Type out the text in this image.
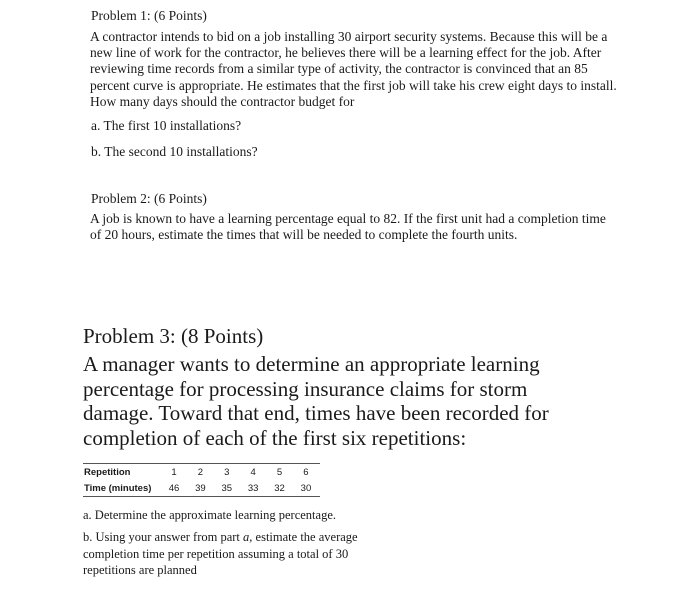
Problem 1: (6 Points)

A contractor intends to bid on a job installing 30 airport security systems. Because this will be a new line of work for the contractor, he believes there will be a learning effect for the job. After reviewing time records from a similar type of activity, the contractor is convinced that an 85 percent curve is appropriate. He estimates that the first job will take his crew eight days to install. How many days should the contractor budget for

a. The first 10 installations?
b. The second 10 installations?
Problem 2: (6 Points)

A job is known to have a learning percentage equal to 82. If the first unit had a completion time of 20 hours, estimate the times that will be needed to complete the fourth units.

Problem 3: (8 Points)

A manager wants to determine an appropriate learning percentage for processing insurance claims for storm damage. Toward that end, times have been recorded for completion of each of the first six repetitions:

Repetition	1	2	3	4	5	6
Time (minutes)	46	39	35	33	32	30
a. Determine the approximate learning percentage.

b. Using your answer from part a, estimate the average completion time per repetition assuming a total of 30 repetitions are planned
